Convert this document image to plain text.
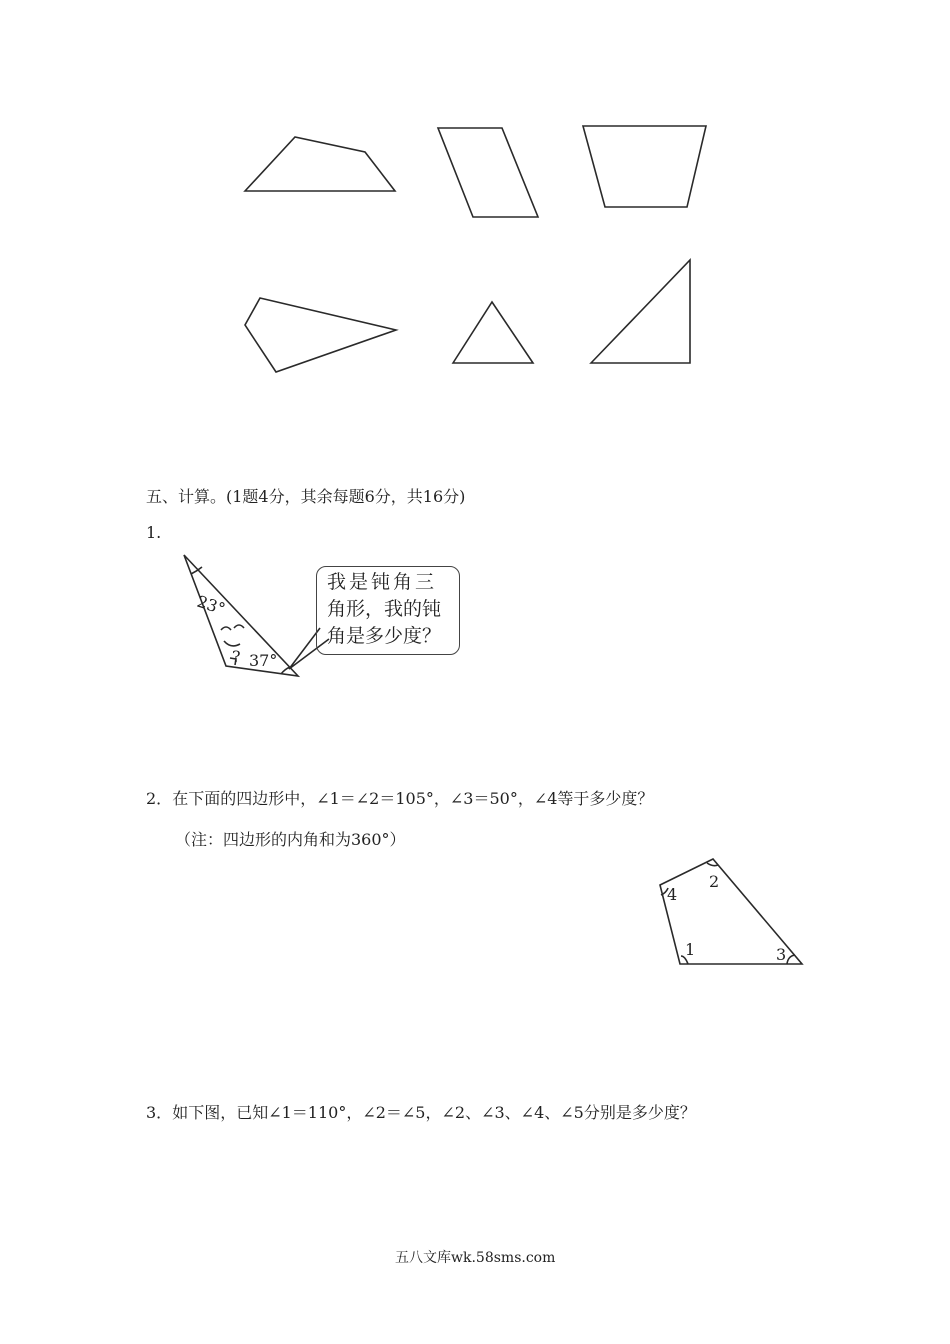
五、计算。(1题4分，其余每题6分，共16分)
1.
23°
? 37°
我是钝角三
角形，我的钝
角是多少度？
2．在下面的四边形中，∠1＝∠2＝105°，∠3＝50°，∠4等于多少度？
（注：四边形的内角和为360°）
4
2
1	3
3．如下图，已知∠1＝110°，∠2＝∠5，∠2、∠3、∠4、∠5分别是多少度？
五八文库wk.58sms.com
